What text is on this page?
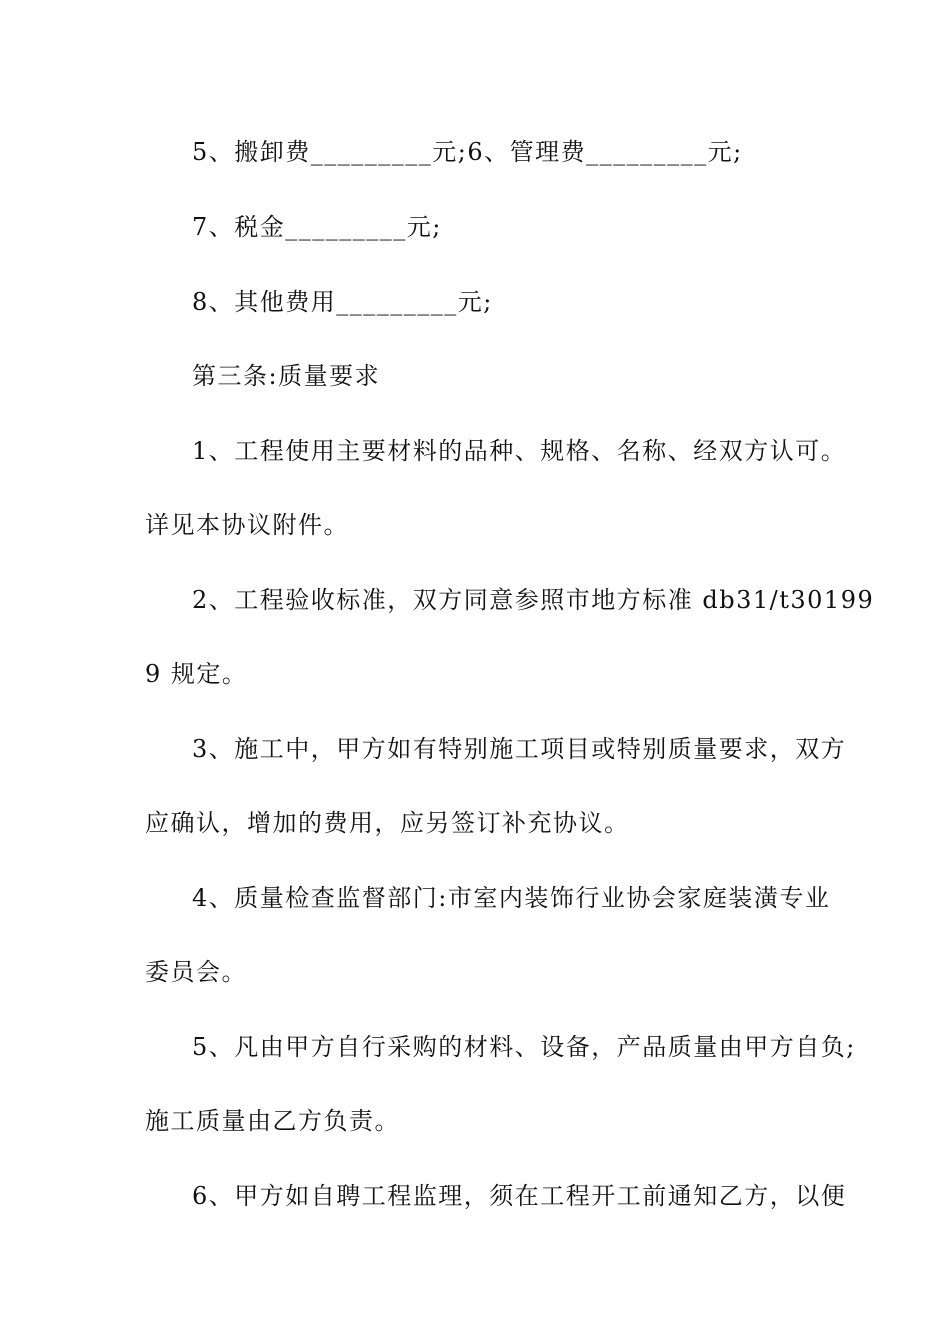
5、搬卸费_________元;6、管理费_________元;
7、税金_________元;
8、其他费用_________元;
第三条:质量要求
1、工程使用主要材料的品种、规格、名称、经双方认可。
详见本协议附件。
2、工程验收标准，双方同意参照市地方标准 db31/t30199
9 规定。
3、施工中，甲方如有特别施工项目或特别质量要求，双方
应确认，增加的费用，应另签订补充协议。
4、质量检查监督部门:市室内装饰行业协会家庭装潢专业
委员会。
5、凡由甲方自行采购的材料、设备，产品质量由甲方自负;
施工质量由乙方负责。
6、甲方如自聘工程监理，须在工程开工前通知乙方，以便
